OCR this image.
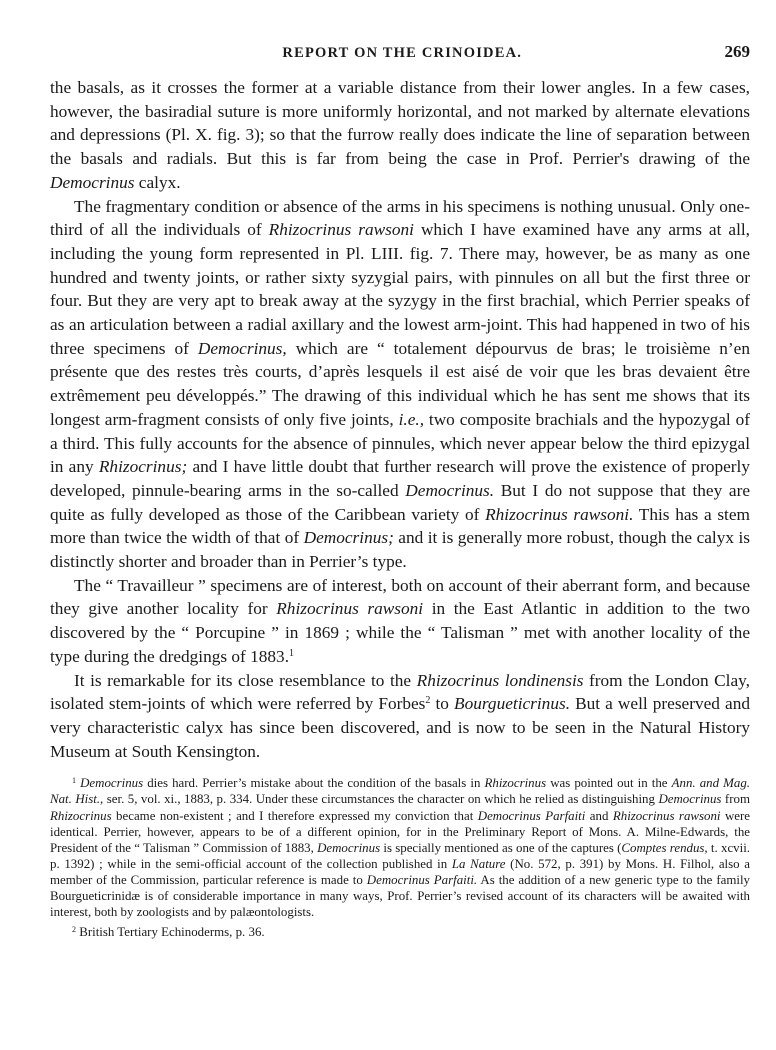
REPORT ON THE CRINOIDEA.	269

the basals, as it crosses the former at a variable distance from their lower angles. In a few cases, however, the basiradial suture is more uniformly horizontal, and not marked by alternate elevations and depressions (Pl. X. fig. 3); so that the furrow really does indicate the line of separation between the basals and radials. But this is far from being the case in Prof. Perrier's drawing of the Democrinus calyx.

The fragmentary condition or absence of the arms in his specimens is nothing unusual. Only one-third of all the individuals of Rhizocrinus rawsoni which I have examined have any arms at all, including the young form represented in Pl. LIII. fig. 7. There may, however, be as many as one hundred and twenty joints, or rather sixty syzygial pairs, with pinnules on all but the first three or four. But they are very apt to break away at the syzygy in the first brachial, which Perrier speaks of as an articulation between a radial axillary and the lowest arm-joint. This had happened in two of his three specimens of Democrinus, which are “ totalement dépourvus de bras; le troisième n’en présente que des restes très courts, d’après lesquels il est aisé de voir que les bras devaient être extrêmement peu développés.” The drawing of this individual which he has sent me shows that its longest arm-fragment consists of only five joints, i.e., two composite brachials and the hypozygal of a third. This fully accounts for the absence of pinnules, which never appear below the third epizygal in any Rhizocrinus; and I have little doubt that further research will prove the existence of properly developed, pinnule-bearing arms in the so-called Democrinus. But I do not suppose that they are quite as fully developed as those of the Caribbean variety of Rhizocrinus rawsoni. This has a stem more than twice the width of that of Democrinus; and it is generally more robust, though the calyx is distinctly shorter and broader than in Perrier’s type.

The “ Travailleur ” specimens are of interest, both on account of their aberrant form, and because they give another locality for Rhizocrinus rawsoni in the East Atlantic in addition to the two discovered by the “ Porcupine ” in 1869 ; while the “ Talisman ” met with another locality of the type during the dredgings of 1883.$^1$

It is remarkable for its close resemblance to the Rhizocrinus londinensis from the London Clay, isolated stem-joints of which were referred by Forbes$^2$ to Bourgueticrinus. But a well preserved and very characteristic calyx has since been discovered, and is now to be seen in the Natural History Museum at South Kensington.

$^1$ Democrinus dies hard. Perrier’s mistake about the condition of the basals in Rhizocrinus was pointed out in the Ann. and Mag. Nat. Hist., ser. 5, vol. xi., 1883, p. 334. Under these circumstances the character on which he relied as distinguishing Democrinus from Rhizocrinus became non-existent ; and I therefore expressed my conviction that Democrinus Parfaiti and Rhizocrinus rawsoni were identical. Perrier, however, appears to be of a different opinion, for in the Preliminary Report of Mons. A. Milne-Edwards, the President of the “ Talisman ” Commission of 1883, Democrinus is specially mentioned as one of the captures (Comptes rendus, t. xcvii. p. 1392) ; while in the semi-official account of the collection published in La Nature (No. 572, p. 391) by Mons. H. Filhol, also a member of the Commission, particular reference is made to Democrinus Parfaiti. As the addition of a new generic type to the family Bourgueticrinidæ is of considerable importance in many ways, Prof. Perrier’s revised account of its characters will be awaited with interest, both by zoologists and by palæontologists.

$^2$ British Tertiary Echinoderms, p. 36.
